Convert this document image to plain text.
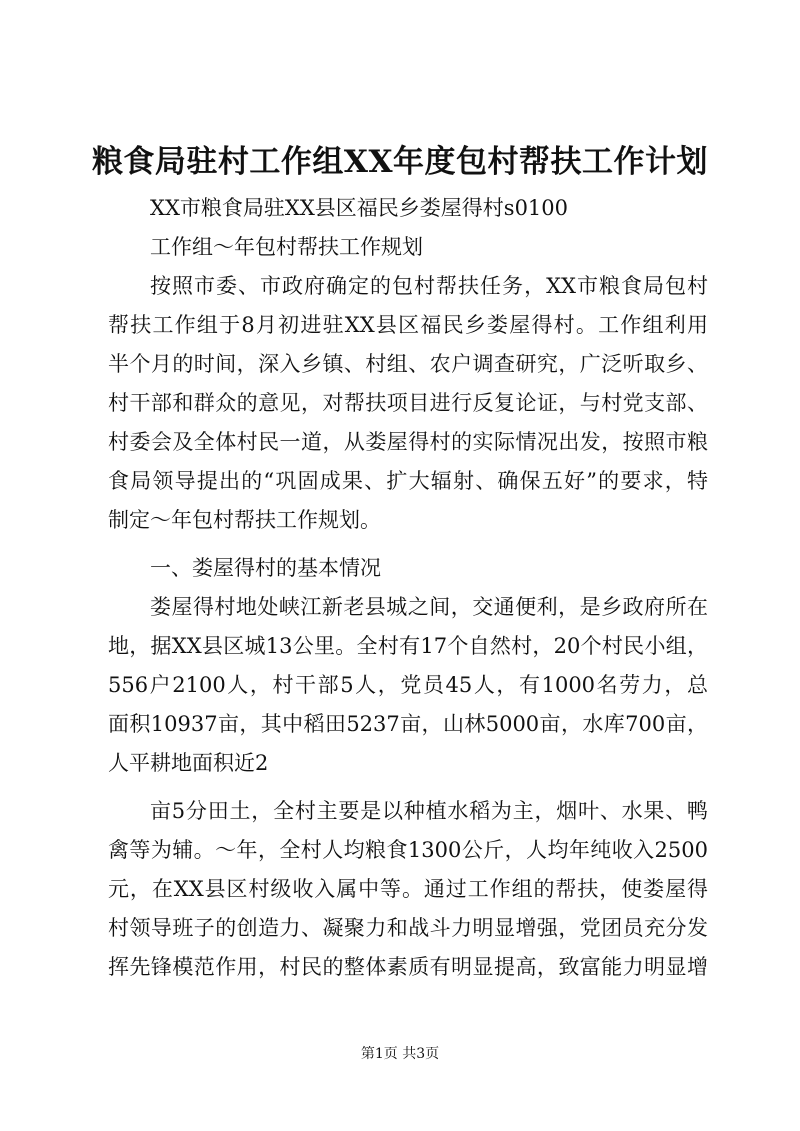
粮食局驻村工作组XX年度包村帮扶工作计划
XX市粮食局驻XX县区福民乡娄屋得村s0100
工作组～年包村帮扶工作规划
按照市委、市政府确定的包村帮扶任务，XX市粮食局包村
帮扶工作组于8月初进驻XX县区福民乡娄屋得村。工作组利用
半个月的时间，深入乡镇、村组、农户调查研究，广泛听取乡、
村干部和群众的意见，对帮扶项目进行反复论证，与村党支部、
村委会及全体村民一道，从娄屋得村的实际情况出发，按照市粮
食局领导提出的“巩固成果、扩大辐射、确保五好”的要求，特
制定～年包村帮扶工作规划。
一、娄屋得村的基本情况
娄屋得村地处峡江新老县城之间，交通便利，是乡政府所在
地，据XX县区城13公里。全村有17个自然村，20个村民小组，
556户2100人，村干部5人，党员45人，有1000名劳力，总
面积10937亩，其中稻田5237亩，山林5000亩，水库700亩，
人平耕地面积近2
亩5分田土，全村主要是以种植水稻为主，烟叶、水果、鸭
禽等为辅。～年，全村人均粮食1300公斤，人均年纯收入2500
元，在XX县区村级收入属中等。通过工作组的帮扶，使娄屋得
村领导班子的创造力、凝聚力和战斗力明显增强，党团员充分发
挥先锋模范作用，村民的整体素质有明显提高，致富能力明显增
第1页 共3页
